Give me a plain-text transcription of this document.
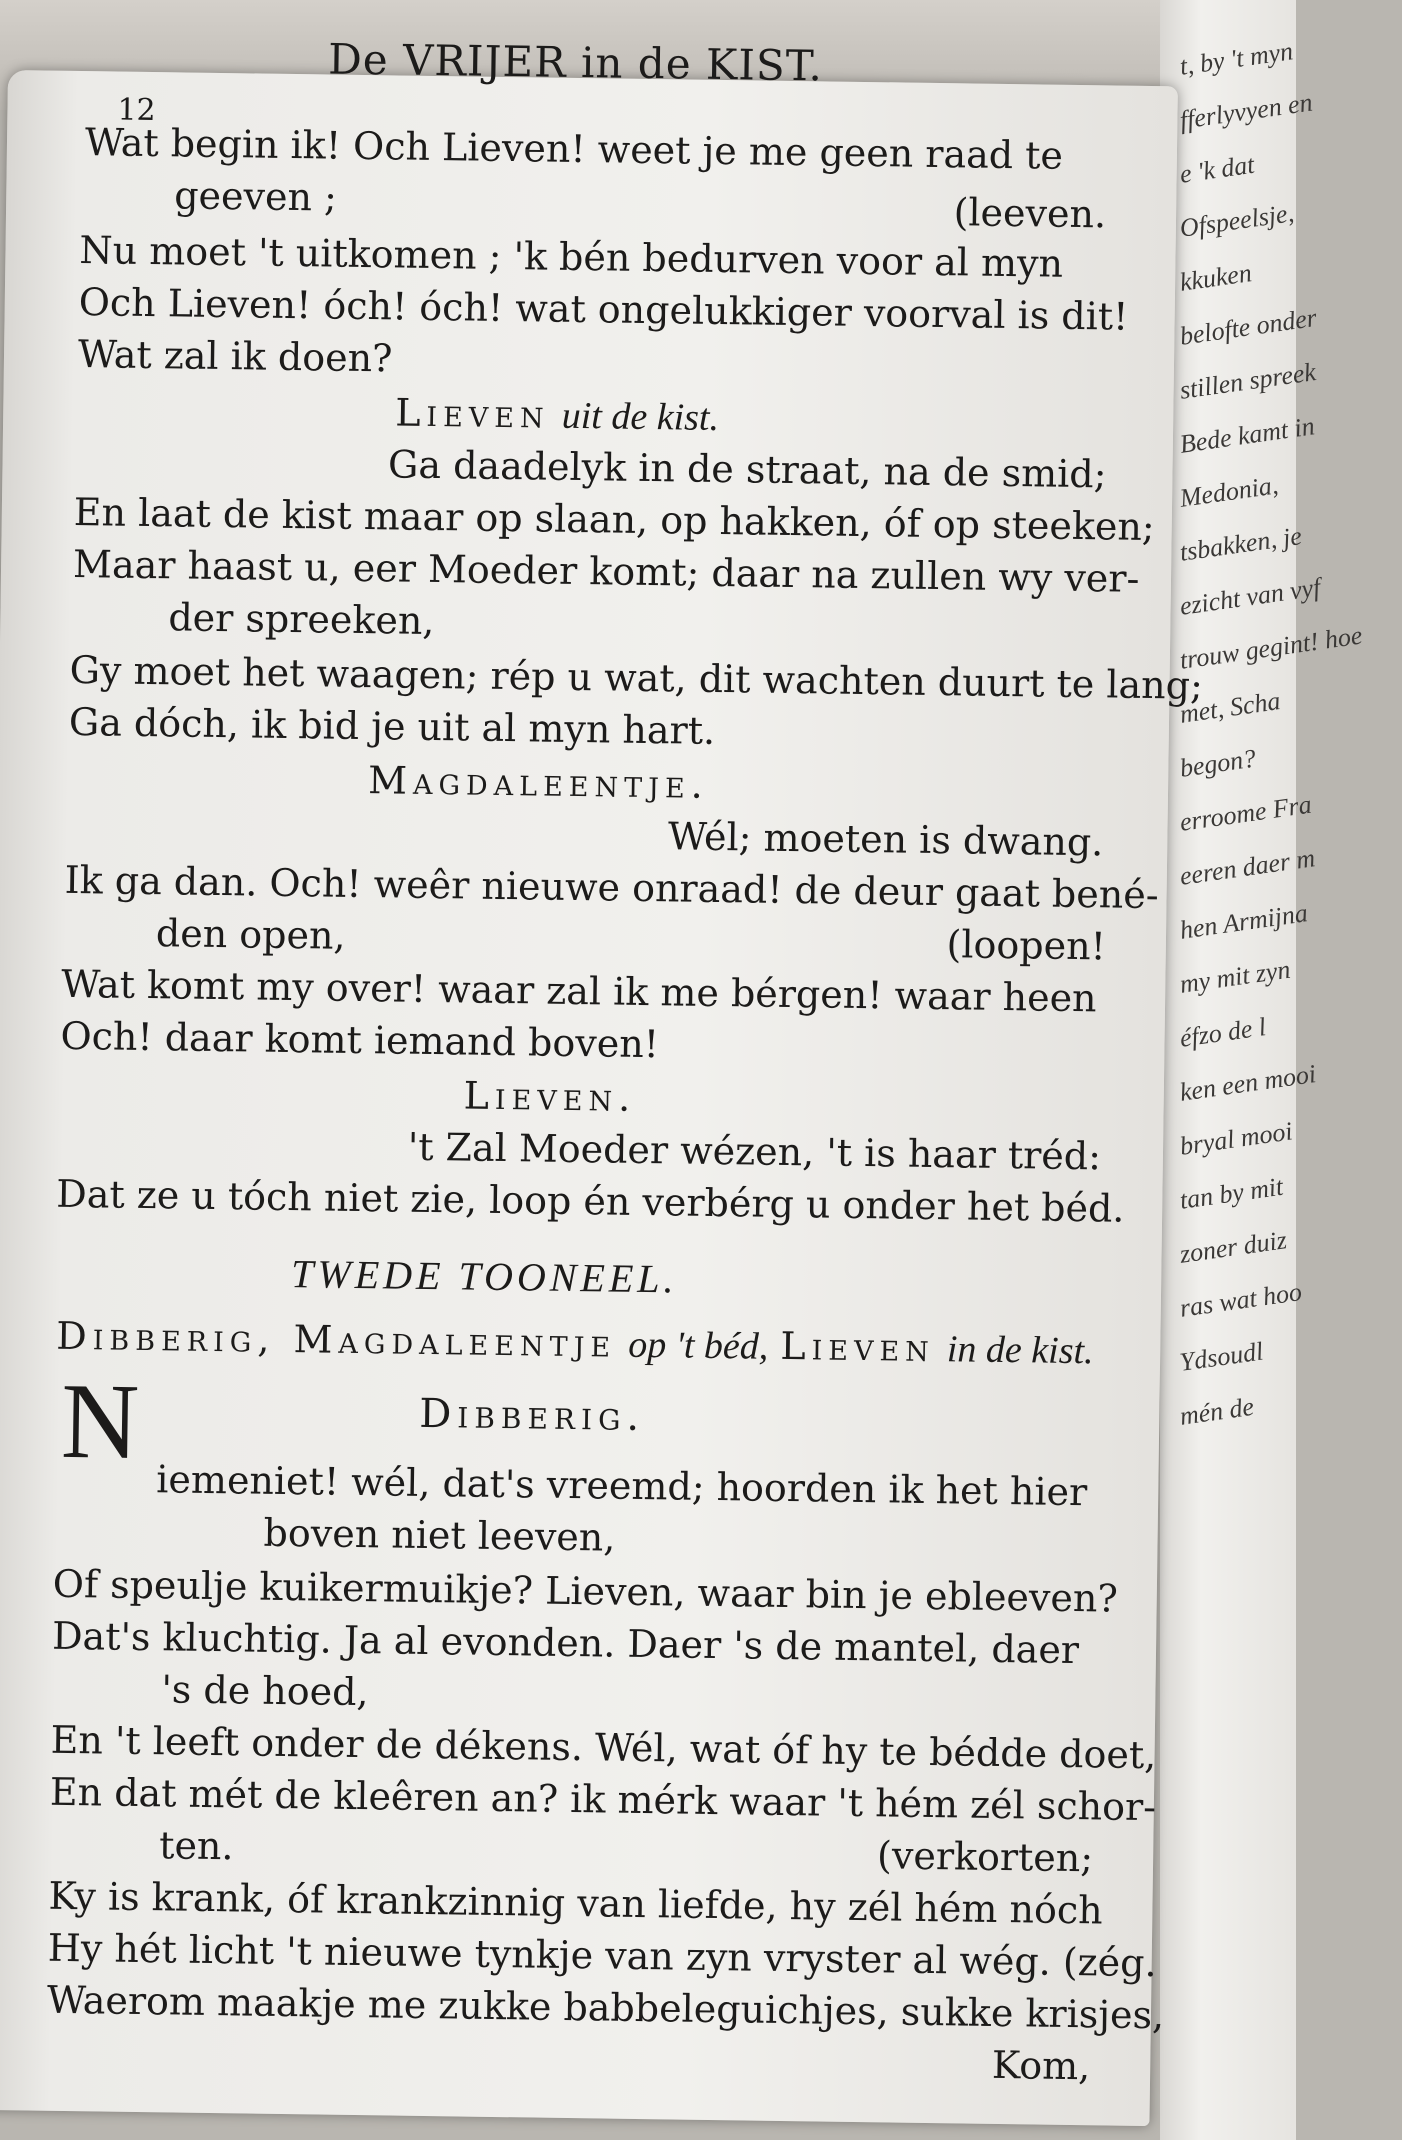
t, by 't myn
fferlyvyen en
e 'k dat
Ofspeelsje,
kkuken
belofte onder
stillen spreek
Bede kamt in
Medonia,
tsbakken, je
ezicht van vyf
trouw gegint! hoe
met, Scha
begon?
erroome Fra
eeren daer m
hen Armijna
my mit zyn
éfzo de l
ken een mooi
bryal mooi
tan by mit
zoner duiz
ras wat hoo
Ydsoudl
mén de
De VRIJER in de KIST.
12
Wat begin ik! Och Lieven! weet je me geen raad te
geeven ;	(leeven.
Nu moet 't uitkomen ; 'k bén bedurven voor al myn
Och Lieven! óch! óch! wat ongelukkiger voorval is dit!
Wat zal ik doen?
Lieven uit de kist.
Ga daadelyk in de straat, na de smid;
En laat de kist maar op slaan, op hakken, óf op steeken;
Maar haast u, eer Moeder komt; daar na zullen wy ver-
der spreeken,
Gy moet het waagen; rép u wat, dit wachten duurt te lang;
Ga dóch, ik bid je uit al myn hart.
Magdaleentje.
Wél; moeten is dwang.
Ik ga dan. Och! weêr nieuwe onraad! de deur gaat bené-
den open,	(loopen!
Wat komt my over! waar zal ik me bérgen! waar heen
Och! daar komt iemand boven!
Lieven.
't Zal Moeder wézen, 't is haar tréd:
Dat ze u tóch niet zie, loop én verbérg u onder het béd.
TWEDE TOONEEL.
Dibberig, Magdaleentje op 't béd, Lieven in de kist.
Dibberig.
N
iemeniet! wél, dat's vreemd; hoorden ik het hier
boven niet leeven,
Of speulje kuikermuikje? Lieven, waar bin je ebleeven?
Dat's kluchtig. Ja al evonden. Daer 's de mantel, daer
's de hoed,
En 't leeft onder de dékens. Wél, wat óf hy te bédde doet,
En dat mét de kleêren an? ik mérk waar 't hém zél schor-
ten.	(verkorten;
Ky is krank, óf krankzinnig van liefde, hy zél hém nóch
Hy hét licht 't nieuwe tynkje van zyn vryster al wég. (zég.
Waerom maakje me zukke babbeleguichjes, sukke krisjes,
Kom,
